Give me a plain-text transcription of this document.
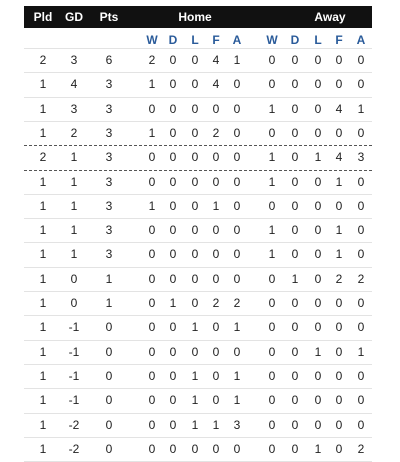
Pld GD Pts	Home	Away
W D L F A W D L F A
2 3 6	2 0 0 4 1 0 0 0 0 0
1 4 3	1 0 0 4 0 0 0 0 0 0
1 3 3	0 0 0 0 0 1 0 0 4 1
1 2 3	1 0 0 2 0 0 0 0 0 0
2 1 3	0 0 0 0 0 1 0 1 4 3
1 1 3	0 0 0 0 0 1 0 0 1 0
1 1 3	1 0 0 1 0 0 0 0 0 0
1 1 3	0 0 0 0 0 1 0 0 1 0
1 1 3	0 0 0 0 0 1 0 0 1 0
1 0 1	0 0 0 0 0 0 1 0 2 2
1 0 1	0 1 0 2 2 0 0 0 0 0
1 -1 0	0 0 1 0 1 0 0 0 0 0
1 -1 0	0 0 0 0 0 0 0 1 0 1
1 -1 0	0 0 1 0 1 0 0 0 0 0
1 -1 0	0 0 1 0 1 0 0 0 0 0
1 -2 0	0 0 1 1 3 0 0 0 0 0
1 -2 0	0 0 0 0 0 0 0 1 0 2
